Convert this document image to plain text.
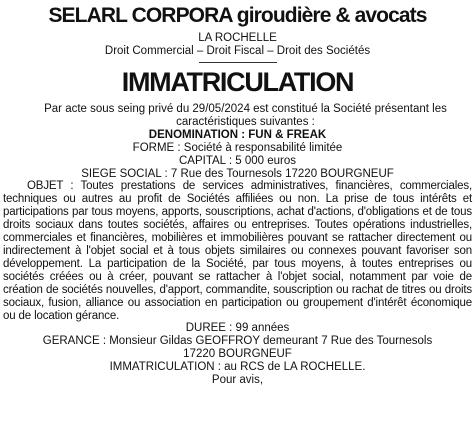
SELARL CORPORA giroudière & avocats
LA ROCHELLE
Droit Commercial – Droit Fiscal – Droit des Sociétés
IMMATRICULATION

Par acte sous seing privé du 29/05/2024 est constitué la Société présentant les caractéristiques suivantes :

DENOMINATION : FUN & FREAK

FORME : Société à responsabilité limitée

CAPITAL : 5 000 euros

SIEGE SOCIAL : 7 Rue des Tournesols 17220 BOURGNEUF

OBJET : Toutes prestations de services administratives, financières, commerciales, techniques ou autres au profit de Sociétés affiliées ou non. La prise de tous intérêts et participations par tous moyens, apports, souscriptions, achat d'actions, d'obligations et de tous droits sociaux dans toutes sociétés, affaires ou entreprises. Toutes opérations industrielles, commerciales et financières, mobilières et immobilières pouvant se rattacher directement ou indirectement à l'objet social et à tous objets similaires ou connexes pouvant favoriser son développement. La participation de la Société, par tous moyens, à toutes entreprises ou sociétés créées ou à créer, pouvant se rattacher à l'objet social, notamment par voie de création de sociétés nouvelles, d'apport, commandite, souscription ou rachat de titres ou droits sociaux, fusion, alliance ou association en participation ou groupement d'intérêt économique ou de location gérance.

DUREE : 99 années

GERANCE : Monsieur Gildas GEOFFROY demeurant 7 Rue des Tournesols

17220 BOURGNEUF

IMMATRICULATION : au RCS de LA ROCHELLE.

Pour avis,
